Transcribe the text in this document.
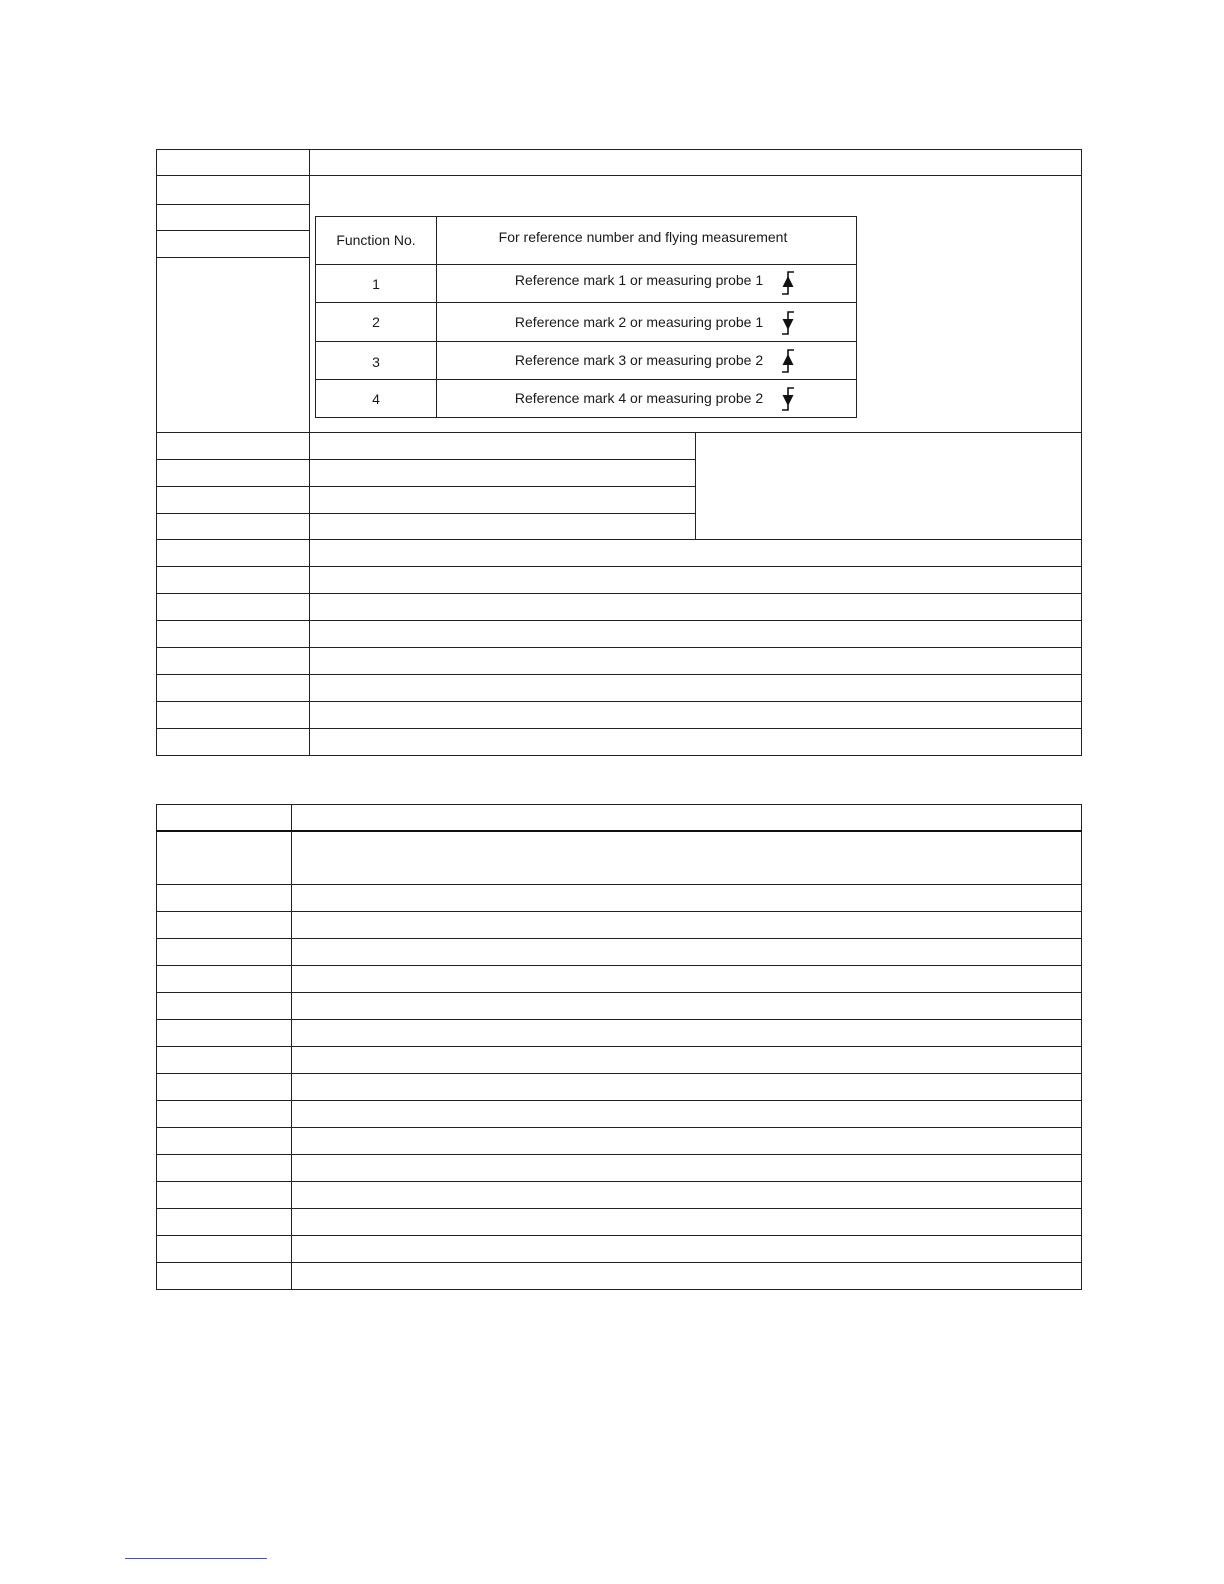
Function No.	For reference number and flying measurement
1	Reference mark 1 or measuring probe 1
2	Reference mark 2 or measuring probe 1
3	Reference mark 3 or measuring probe 2
4	Reference mark 4 or measuring probe 2
